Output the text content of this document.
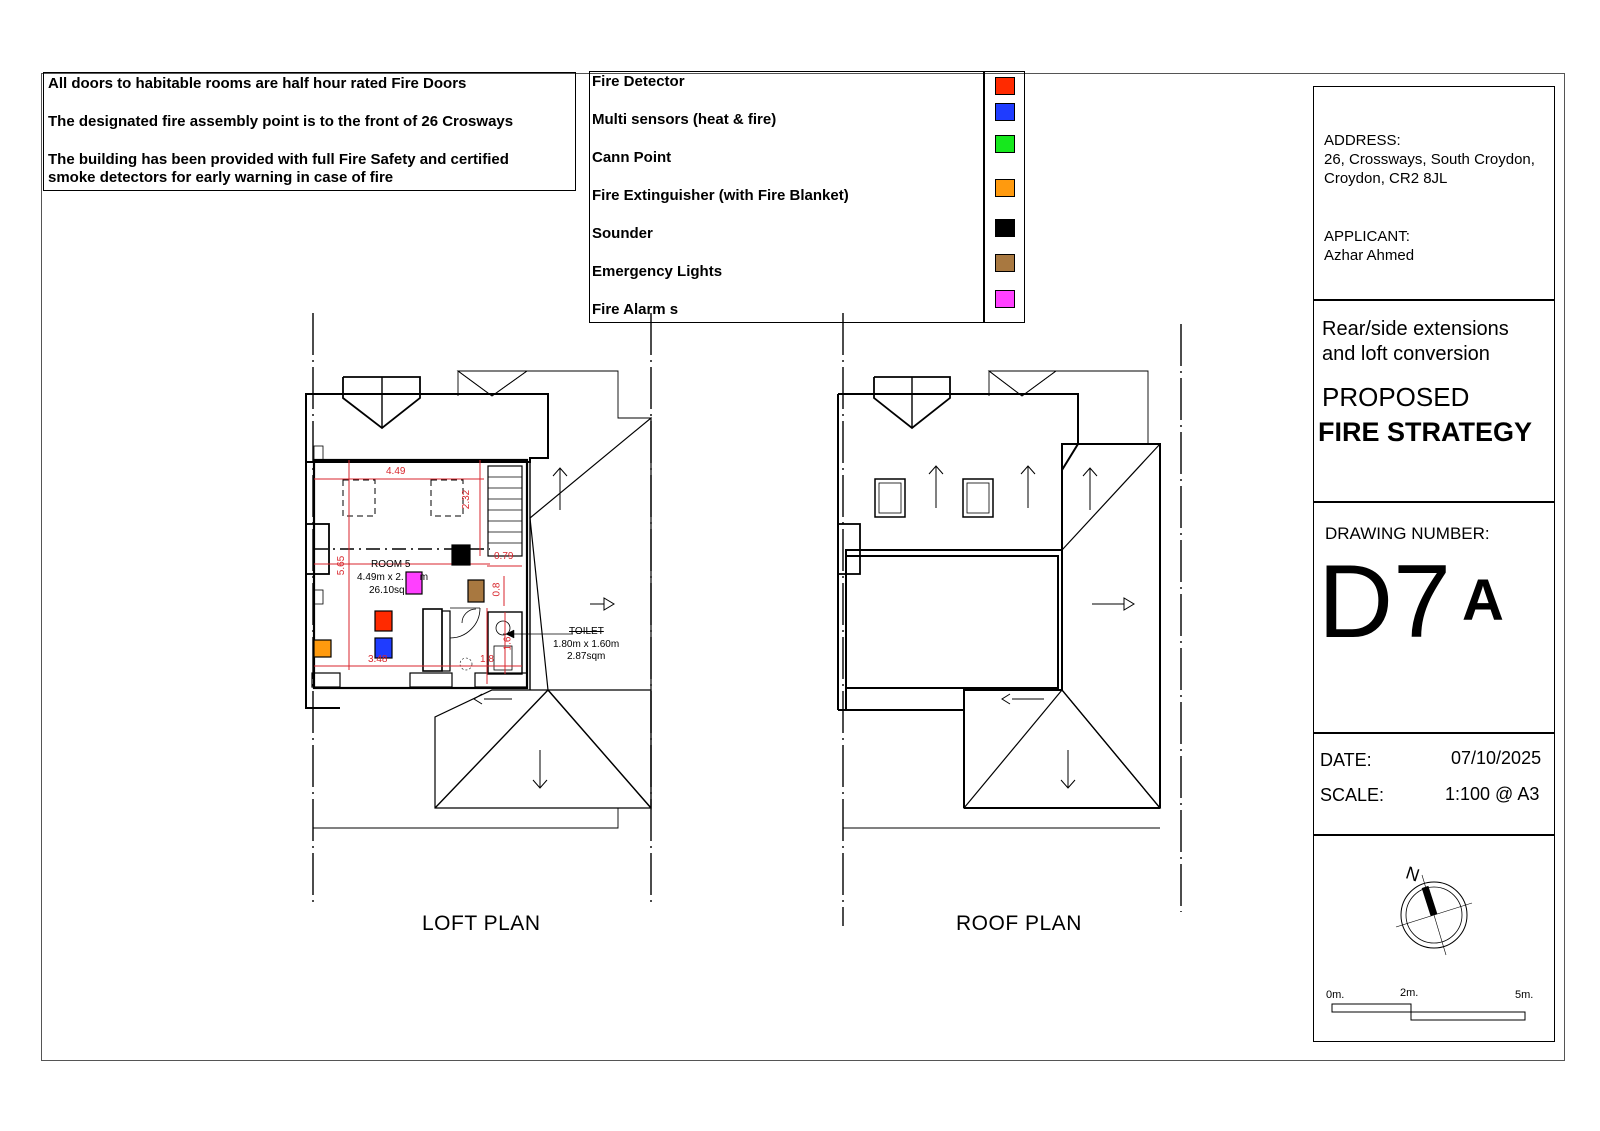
All doors to habitable rooms are half hour rated Fire Doors
The designated fire assembly point is to the front of 26 Crosways
The building has been provided with full Fire Safety and certified
smoke detectors for early warning in case of fire
Fire Detector
Multi sensors (heat & fire)
Cann Point
Fire Extinguisher (with Fire Blanket)
Sounder
Emergency Lights
Fire Alarm s
4.49
2.32
5.65	0.79
0.8
3.48	1.8
1.6
ROOM 5
4.49m x 2. m
26.10sq
TOILET
1.80m x 1.60m
2.87sqm
LOFT PLAN	ROOF PLAN
ADDRESS:
26, Crossways, South Croydon,
Croydon, CR2 8JL
APPLICANT:
Azhar Ahmed
Rear/side extensions
and loft conversion
PROPOSED
FIRE STRATEGY
DRAWING NUMBER:
D7 A
DATE:	07/10/2025
SCALE:	1:100 @ A3
N
0m.	2m.	5m.
